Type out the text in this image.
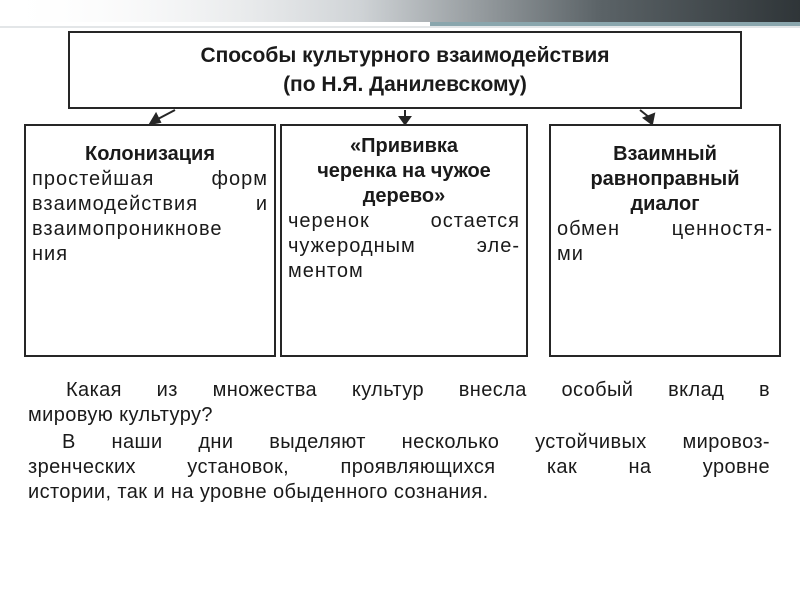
Способы культурного взаимодействия
(по Н.Я. Данилевскому)
Колонизация
простейшая форм
взаимодействия и
взаимопроникнове
ния
«Прививка
черенка на чужое
дерево»
черенок остается
чужеродным эле-
ментом
Взаимный
равноправный
диалог
обмен ценностя-
ми
Какая из множества культур внесла особый вклад в
мировую культуру?
В наши дни выделяют несколько устойчивых мировоз-
зренческих установок, проявляющихся как на уровне
истории, так и на уровне обыденного сознания.
